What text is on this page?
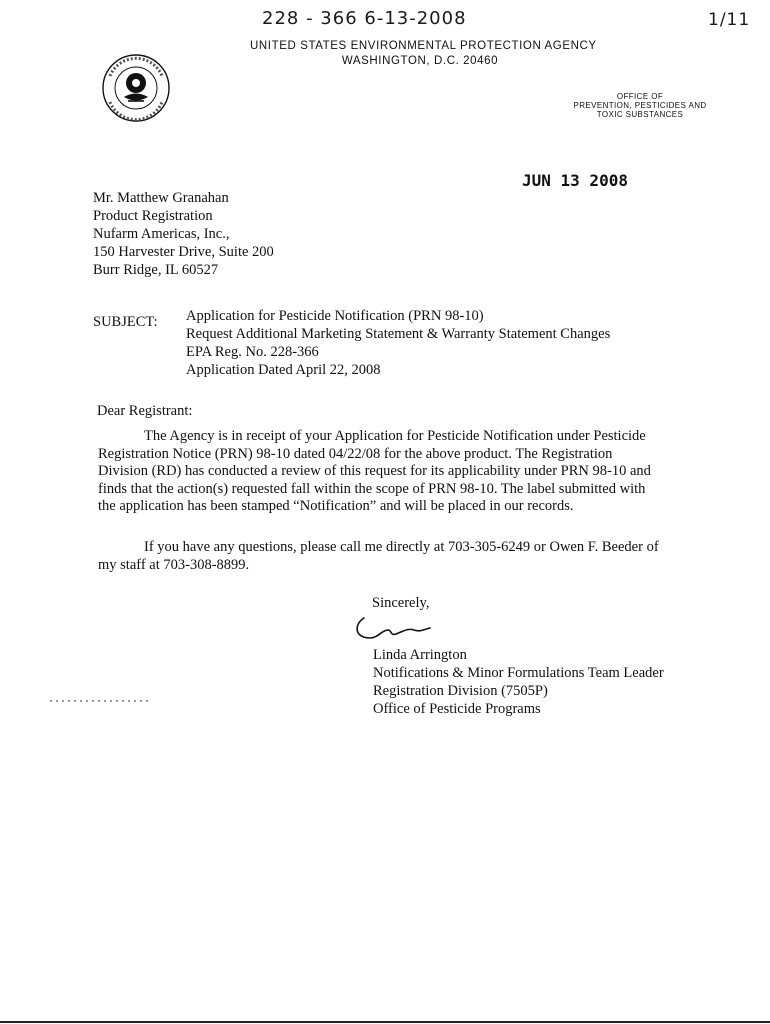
228 - 366 6-13-2008	1/11
UNITED STATES ENVIRONMENTAL PROTECTION AGENCY
WASHINGTON, D.C. 20460
OFFICE OF
PREVENTION, PESTICIDES AND
TOXIC SUBSTANCES
JUN 13 2008
Mr. Matthew Granahan
Product Registration
Nufarm Americas, Inc.,
150 Harvester Drive, Suite 200
Burr Ridge, IL 60527
SUBJECT: Application for Pesticide Notification (PRN 98-10)
Request Additional Marketing Statement & Warranty Statement Changes
EPA Reg. No. 228-366
Application Dated April 22, 2008
Dear Registrant:
The Agency is in receipt of your Application for Pesticide Notification under Pesticide
Registration Notice (PRN) 98-10 dated 04/22/08 for the above product. The Registration
Division (RD) has conducted a review of this request for its applicability under PRN 98-10 and
finds that the action(s) requested fall within the scope of PRN 98-10. The label submitted with
the application has been stamped “Notification” and will be placed in our records.
If you have any questions, please call me directly at 703-305-6249 or Owen F. Beeder of
my staff at 703-308-8899.
Sincerely,
Linda Arrington
Notifications & Minor Formulations Team Leader
Registration Division (7505P)
Office of Pesticide Programs
